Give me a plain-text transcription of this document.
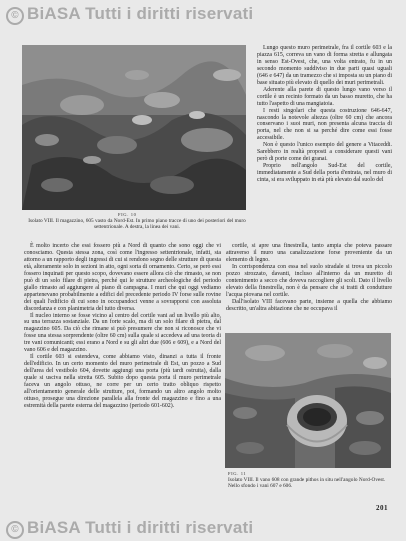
© BiASA Tutti i diritti riservati
FIG. 10
Isolato VIII. Il magazzino, 605 vasto da Nord-Est. In primo piano tracce di uno dei posteriori del muro settentrionale. A destra, la linea dei vani.

Lungo questo muro perimetrale, fra il cortile 603 e la piazza 615, correva un vano di forma stretta e allungata in senso Est-Ovest, che, una volta entrato, fu in un secondo momento suddiviso in due parti quasi uguali (646 e 647) da un tramezzo che si imposta su un piano di base situato più elevato di quello dei muri perimetrali.

Aderente alla parete di questo lungo vano verso il cortile è un recinto formato da un basso muretto, che ha tutto l'aspetto di una mangiatoia.

I resti singolari che questa costruzione 646-647, nascondo la notevole altezza (oltre 60 cm) che ancora conservano i suoi muri, non presenta alcuna traccia di porta, nel che non si sa perché dire come essi fosse accessibile.

Non è questo l'unico esempio del genere a Vitaceddi. Sarebbero in realtà proposti a considerare questi vani però di porte come dei granai.

Proprio nell'angolo Sud-Est del cortile, immediatamente a Sud della porta d'entrata, nel muro di cinta, si era sviluppato in età più elevato dal suolo del

È molto incerto che essi fossero più a Nord di quanto che sono oggi che vi conosciamo. Questa stessa zona, così come l'ingresso settentrionale, infatti, sta attorno a un rapporto degli ingressi di cui si rendono segno delle strutture di questa età, alteramente solo in sezioni in atto, ogni sorta di ornamento. Certo, se però essi fossero inquinati per questo scopo, dovevano essere allora ciò che rimasto, se non può di un solo filare di pietra, perché qui le strutture archeologiche del periodo giallo rimasto ad aggiungere al piano di campagna. I muri che qui oggi vediamo appartenevano probabilmente a edifici del precedente periodo IV forse sulle rovine dei quali l'edificio di cui sono in occupandoci venne a sovrapporsi con assoluta discordanza e con planimetria del tutto diversa.

Il nucleo interno se fosse vicino al centro del cortile vani ad un livello più alto, su una terrazza sostanziale. Da un forte scalo, ma di un solo filare di pietra, dal magazzino 605. Da ciò che rimane si può presumere che non si riconosce che vi fosse una stessa sorprendente (oltre 60 cm) sulla quale si accedeva ad una teoria di tre vani comunicanti; essi erano a Nord e su gli altri due (606 e 609), e a Nord del vano 606 e del magazzino.

Il cortile 603 si estendeva, come abbiamo visto, dinanzi a tutta il fronte dell'edificio. In un certo momento del muro perimetrale di Est, un pozzo a Sud dell'area del vestibolo 604, dovette aggiungi una porta (più tardi ostruita), dalla quale si usciva nella stretta 605. Subito dopo questa porta il muro perimetrale faceva un angolo ottuso, ne corre per un certo tratto obliquo rispetto all'orientamento generale delle strutture, poi, formando un altro angolo molto ottuso, prosegue una direzione parallela alla fronte del magazzino e fino a una estremità della parete esterna del magazzino (periodo 601-602).

cortile, si apre una finestrella, tanto ampia che poteva passare attraverso il muro una canalizzazione forse proveniente da un elemento di legno.

In corrispondenza con essa nel suolo stradale si trova un piccolo pozzo strozzato, davanti, incluso all'interno da un muretto di contenimento a secco che doveva raccogliere gli scoli. Dato il livello elevato della finestrella, non è da pensare che si tratti di condutture l'acqua piovana nel cortile.

Dall'isolato VIII facevano parte, insieme a quella che abbiamo descritto, un'altra abitazione che ne occupava il

FIG. 11
Isolato VIII. Il vano 608 con grande pithos in situ nell'angolo Nord-Ovest. Nello sfondo i vani 607 e 606.
201
© BiASA Tutti i diritti riservati
